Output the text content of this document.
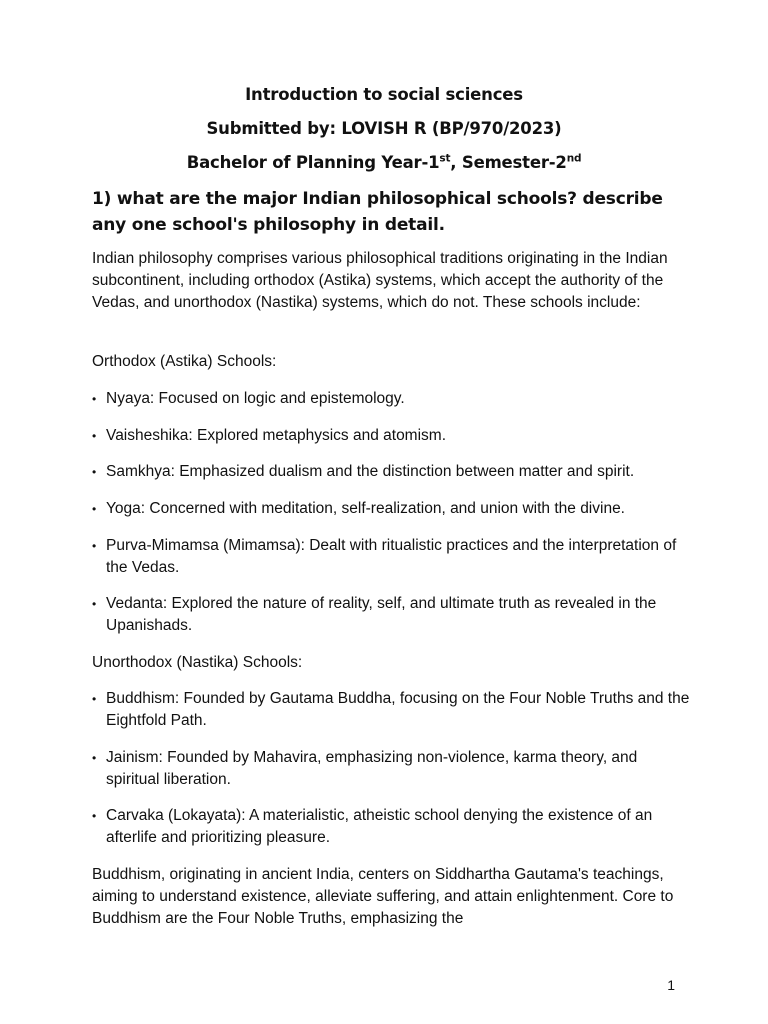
Introduction to social sciences
Submitted by: LOVISH R (BP/970/2023)
Bachelor of Planning Year-1st, Semester-2nd
1) what are the major Indian philosophical schools? describe any one school's philosophy in detail.
Indian philosophy comprises various philosophical traditions originating in the Indian subcontinent, including orthodox (Astika) systems, which accept the authority of the Vedas, and unorthodox (Nastika) systems, which do not. These schools include:
Orthodox (Astika) Schools:
• Nyaya: Focused on logic and epistemology.
• Vaisheshika: Explored metaphysics and atomism.
• Samkhya: Emphasized dualism and the distinction between matter and spirit.
• Yoga: Concerned with meditation, self-realization, and union with the divine.
• Purva-Mimamsa (Mimamsa): Dealt with ritualistic practices and the interpretation of the Vedas.
• Vedanta: Explored the nature of reality, self, and ultimate truth as revealed in the Upanishads.
Unorthodox (Nastika) Schools:
• Buddhism: Founded by Gautama Buddha, focusing on the Four Noble Truths and the Eightfold Path.
• Jainism: Founded by Mahavira, emphasizing non-violence, karma theory, and spiritual liberation.
• Carvaka (Lokayata): A materialistic, atheistic school denying the existence of an afterlife and prioritizing pleasure.
Buddhism, originating in ancient India, centers on Siddhartha Gautama's teachings, aiming to understand existence, alleviate suffering, and attain enlightenment. Core to Buddhism are the Four Noble Truths, emphasizing the
1
